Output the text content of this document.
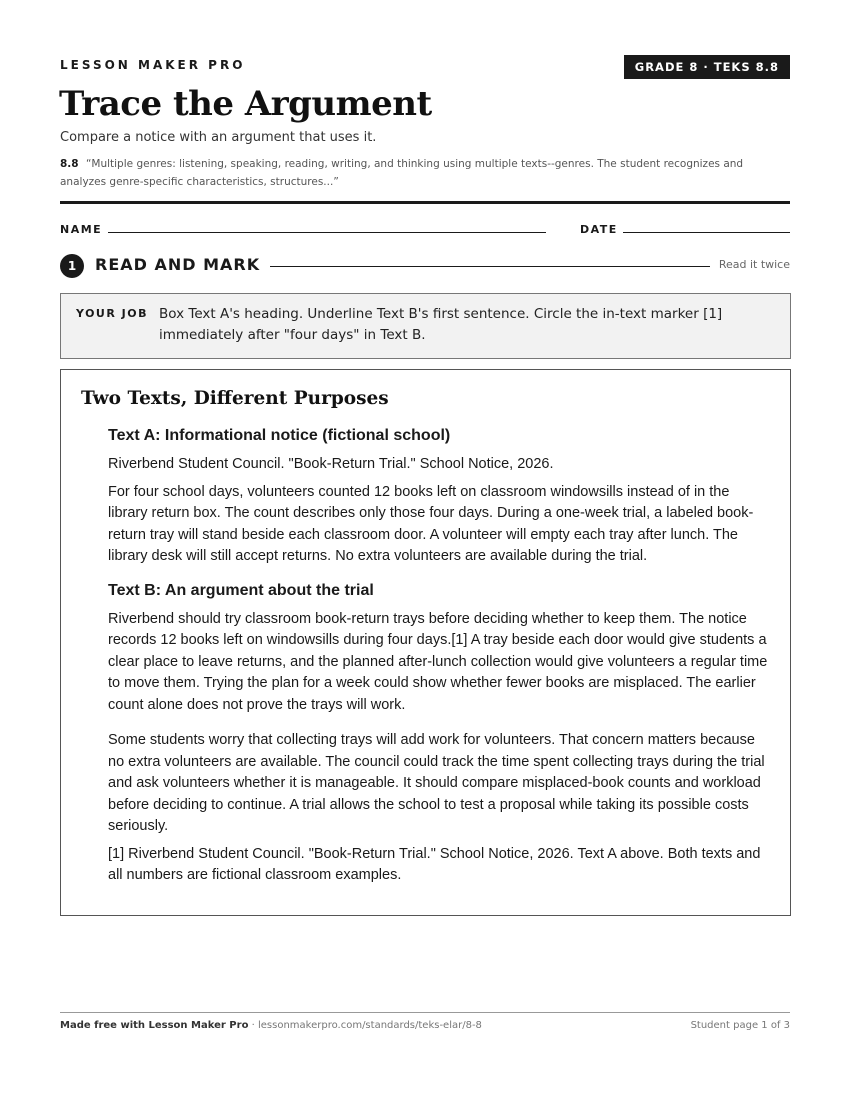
LESSON MAKER PRO	GRADE 8 · TEKS 8.8
Trace the Argument
Compare a notice with an argument that uses it.
8.8 “Multiple genres: listening, speaking, reading, writing, and thinking using multiple texts--genres. The student recognizes and analyzes genre-specific characteristics, structures...”
NAME	DATE
1	READ AND MARK	Read it twice
YOUR JOB Box Text A's heading. Underline Text B's first sentence. Circle the in-text marker [1] immediately after "four days" in Text B.
Two Texts, Different Purposes
Text A: Informational notice (fictional school)

Riverbend Student Council. "Book-Return Trial." School Notice, 2026.

For four school days, volunteers counted 12 books left on classroom windowsills instead of in the library return box. The count describes only those four days. During a one-week trial, a labeled book-return tray will stand beside each classroom door. A volunteer will empty each tray after lunch. The library desk will still accept returns. No extra volunteers are available during the trial.

Text B: An argument about the trial

Riverbend should try classroom book-return trays before deciding whether to keep them. The notice records 12 books left on windowsills during four days.[1] A tray beside each door would give students a clear place to leave returns, and the planned after-lunch collection would give volunteers a regular time to move them. Trying the plan for a week could show whether fewer books are misplaced. The earlier count alone does not prove the trays will work.

Some students worry that collecting trays will add work for volunteers. That concern matters because no extra volunteers are available. The council could track the time spent collecting trays during the trial and ask volunteers whether it is manageable. It should compare misplaced-book counts and workload before deciding to continue. A trial allows the school to test a proposal while taking its possible costs seriously.

[1] Riverbend Student Council. "Book-Return Trial." School Notice, 2026. Text A above. Both texts and all numbers are fictional classroom examples.

Made free with Lesson Maker Pro · lessonmakerpro.com/standards/teks-elar/8-8	Student page 1 of 3
